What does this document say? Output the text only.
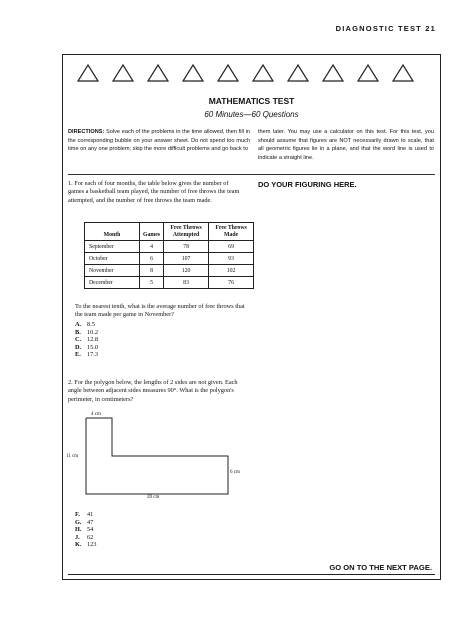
DIAGNOSTIC TEST 21
MATHEMATICS TEST
60 Minutes—60 Questions
DIRECTIONS: Solve each of the problems in the time allowed, then fill in the corresponding bubble on your answer sheet. Do not spend too much time on any one problem; skip the more difficult problems and go back to
them later. You may use a calculator on this test. For this test, you should assume that figures are NOT necessarily drawn to scale, that all geometric figures lie in a plane, and that the word line is used to indicate a straight line.
DO YOUR FIGURING HERE.
1. For each of four months, the table below gives the number of games a basketball team played, the number of free throws the team attempted, and the number of free throws the team made.
Month	Games	Free Throws Attempted	Free Throws Made
September	4	78	69
October	6	107	93
November	8	120	102
December	5	83	76
To the nearest tenth, what is the average number of free throws that the team made per game in November?
A. 8.5
B. 10.2
C. 12.8
D. 15.0
E. 17.3
2. For the polygon below, the lengths of 2 sides are not given. Each angle between adjacent sides measures 90°. What is the polygon's perimeter, in centimeters?
4 cm
11 cm
6 cm
20 cm
F. 41
G. 47
H. 54
J. 62
K. 123
GO ON TO THE NEXT PAGE.
